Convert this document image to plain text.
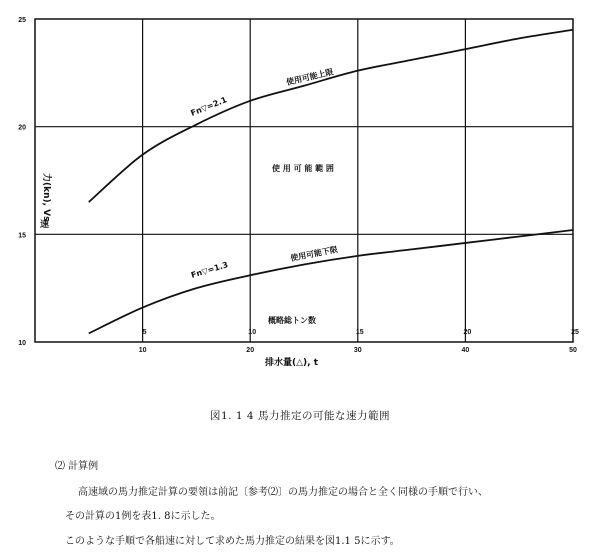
10
15
20
25
5	10	15	20	25
10	20	30	40	50
Fn▽=2.1
使用可能上限
使 用 可 能 範 囲
Fn▽=1.3
使用可能下限
概略総トン数
力(kn), Vs
速
排水量(△), t
図1. 1 4 馬力推定の可能な速力範囲
⑵ 計算例
高速域の馬力推定計算の要領は前記〔参考⑵〕の馬力推定の場合と全く同様の手順で行い、
その計算の1例を表1. 8に示した。
このような手順で各船速に対して求めた馬力推定の結果を図1.1 5に示す。
